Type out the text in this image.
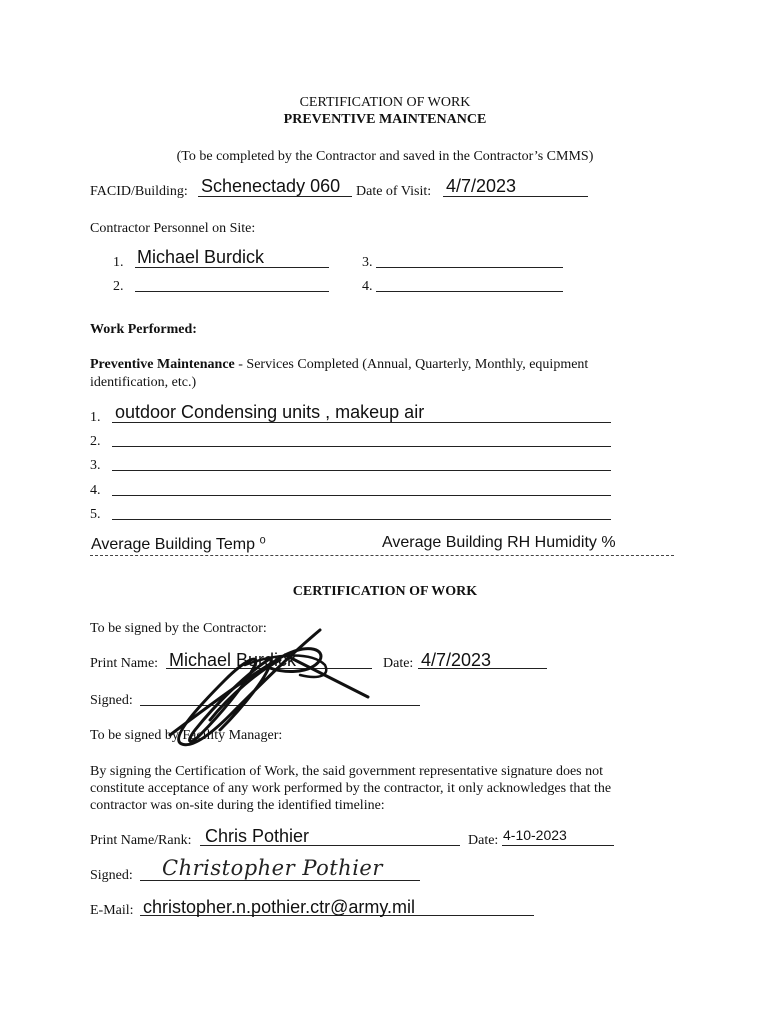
CERTIFICATION OF WORK
PREVENTIVE MAINTENANCE
(To be completed by the Contractor and saved in the Contractor’s CMMS)
FACID/Building: Schenectady 060 Date of Visit: 4/7/2023
Contractor Personnel on Site:
1. Michael Burdick
2.
3.
4.
Work Performed:
Preventive Maintenance - Services Completed (Annual, Quarterly, Monthly, equipment
identification, etc.)
1. outdoor Condensing units , makeup air
2.
3.
4.
5.
Average Building Temp ⁰	Average Building RH Humidity %
CERTIFICATION OF WORK
To be signed by the Contractor:
Print Name: Michael Burdick	Date: 4/7/2023
Signed:
To be signed by Facility Manager:
By signing the Certification of Work, the said government representative signature does not
constitute acceptance of any work performed by the contractor, it only acknowledges that the
contractor was on-site during the identified timeline:
Print Name/Rank: Chris Pothier	Date: 4-10-2023
Signed: Christopher Pothier
E-Mail: christopher.n.pothier.ctr@army.mil
